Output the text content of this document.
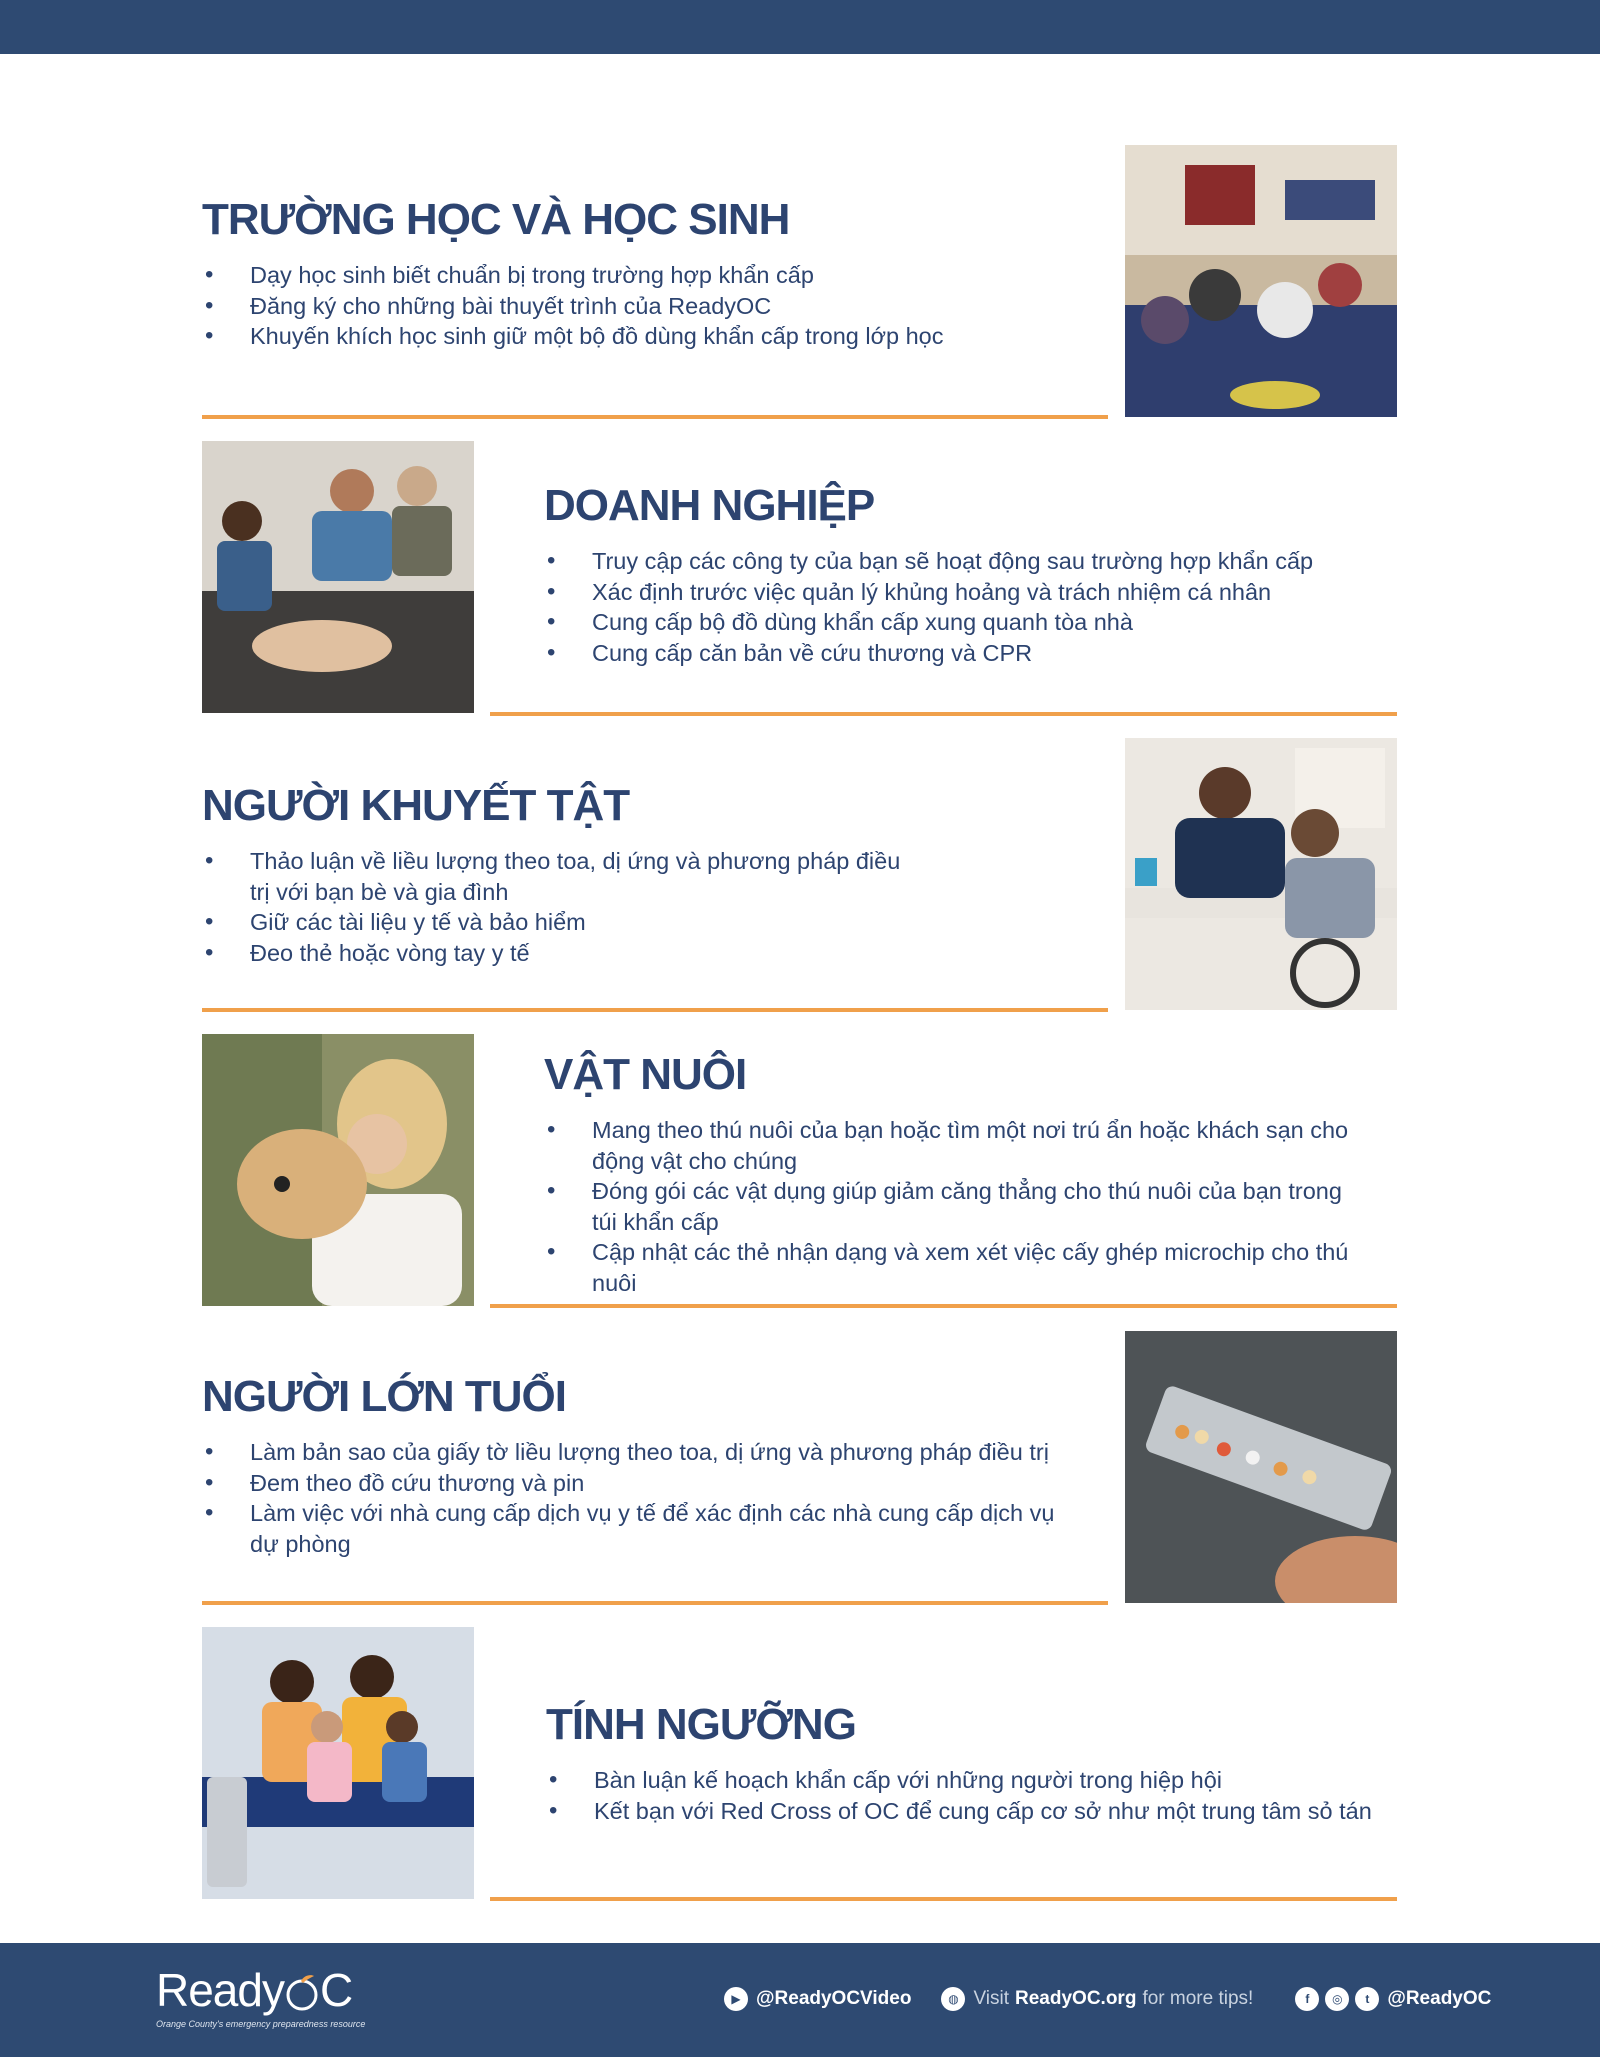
TRƯỜNG HỌC VÀ HỌC SINH
• Dạy học sinh biết chuẩn bị trong trường hợp khẩn cấp
• Đăng ký cho những bài thuyết trình của ReadyOC
• Khuyến khích học sinh giữ một bộ đồ dùng khẩn cấp trong lớp học
DOANH NGHIỆP
• Truy cập các công ty của bạn sẽ hoạt động sau trường hợp khẩn cấp
• Xác định trước việc quản lý khủng hoảng và trách nhiệm cá nhân
• Cung cấp bộ đồ dùng khẩn cấp xung quanh tòa nhà
• Cung cấp căn bản về cứu thương và CPR
NGƯỜI KHUYẾT TẬT
• Thảo luận về liều lượng theo toa, dị ứng và phương pháp điều trị với bạn bè và gia đình
• Giữ các tài liệu y tế và bảo hiểm
• Đeo thẻ hoặc vòng tay y tế
VẬT NUÔI
• Mang theo thú nuôi của bạn hoặc tìm một nơi trú ẩn hoặc khách sạn cho động vật cho chúng
• Đóng gói các vật dụng giúp giảm căng thẳng cho thú nuôi của bạn trong túi khẩn cấp
• Cập nhật các thẻ nhận dạng và xem xét việc cấy ghép microchip cho thú nuôi
NGƯỜI LỚN TUỔI
• Làm bản sao của giấy tờ liều lượng theo toa, dị ứng và phương pháp điều trị
• Đem theo đồ cứu thương và pin
• Làm việc với nhà cung cấp dịch vụ y tế để xác định các nhà cung cấp dịch vụ dự phòng
TÍNH NGƯỠNG
• Bàn luận kế hoạch khẩn cấp với những người trong hiệp hội
• Kết bạn với Red Cross of OC để cung cấp cơ sở như một trung tâm sỏ tán
Ready C
Orange County's emergency preparedness resource
▶ @ReadyOCVideo	◍ Visit ReadyOC.org for more tips!	f	◎	t @ReadyOC
